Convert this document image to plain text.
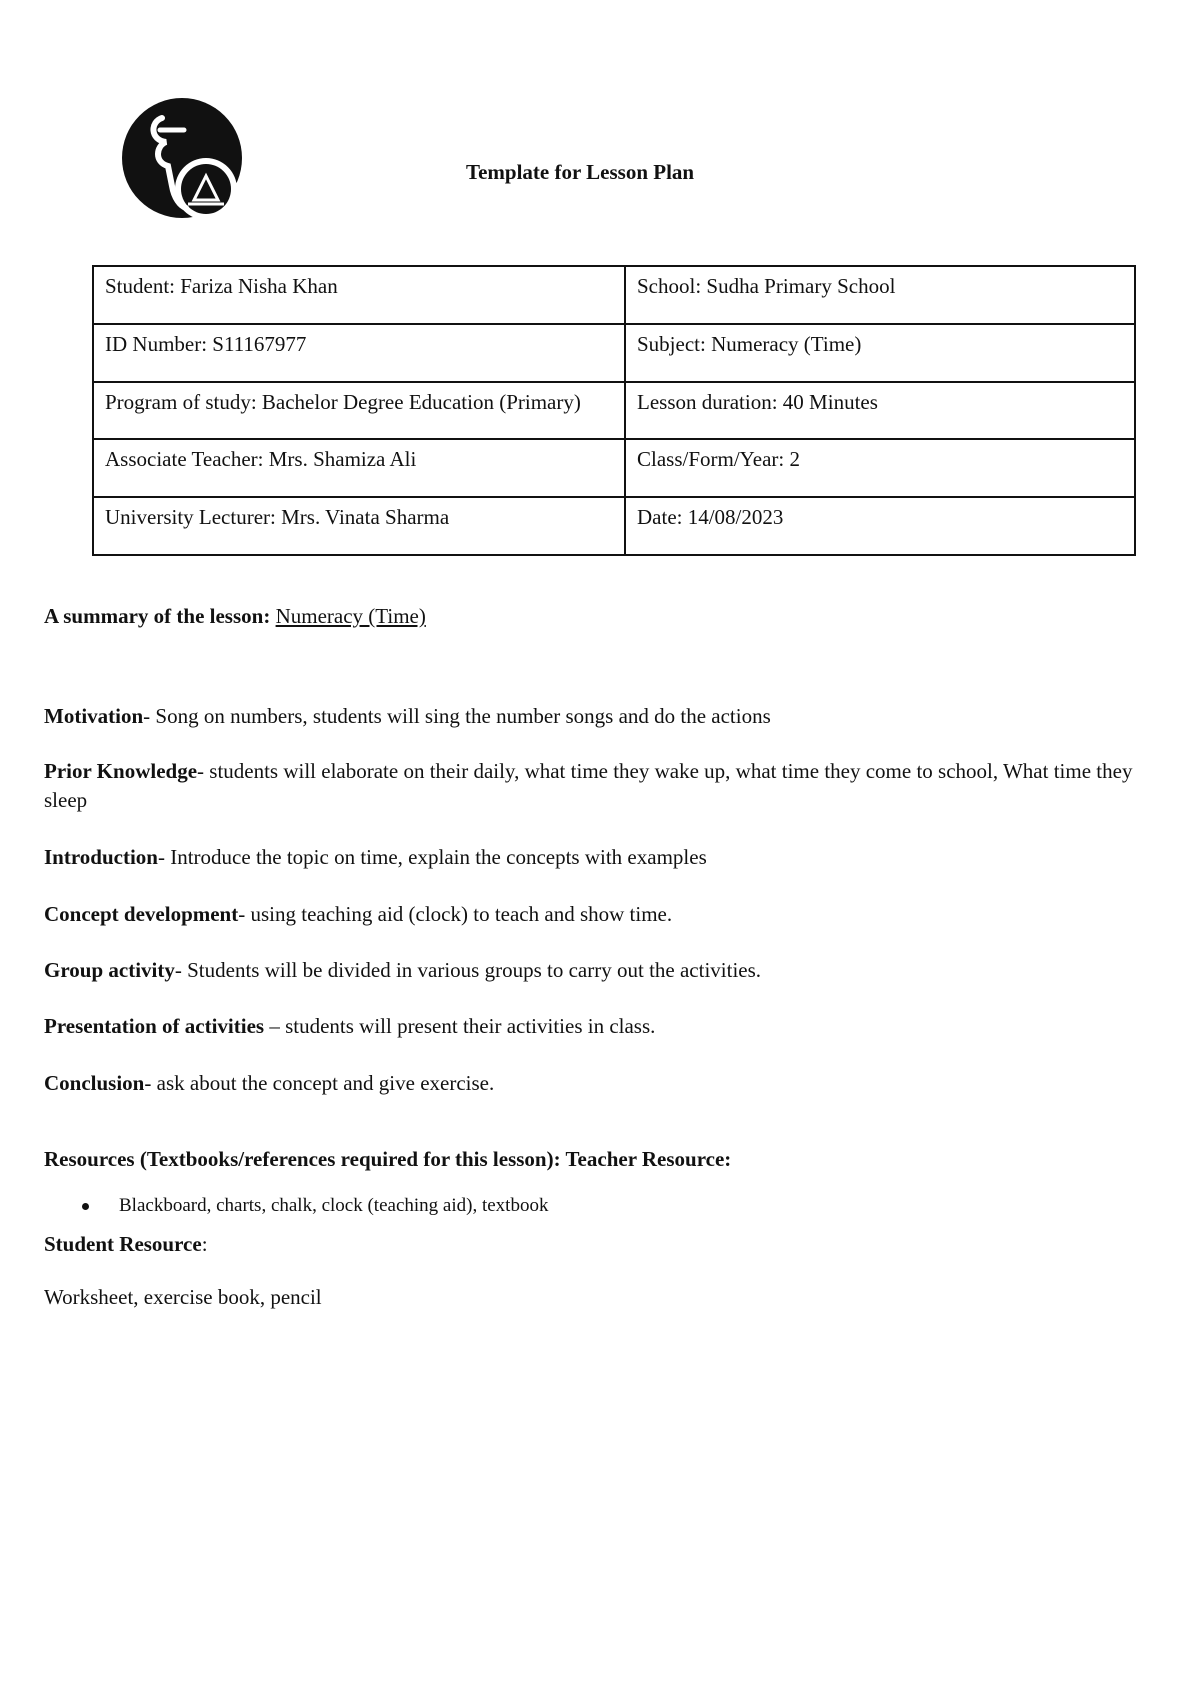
Template for Lesson Plan
Student: Fariza Nisha Khan	School: Sudha Primary School
ID Number: S11167977	Subject: Numeracy (Time)
Program of study: Bachelor Degree Education (Primary)	Lesson duration: 40 Minutes
Associate Teacher: Mrs. Shamiza Ali	Class/Form/Year: 2
University Lecturer: Mrs. Vinata Sharma	Date: 14/08/2023

A summary of the lesson: Numeracy (Time)

Motivation- Song on numbers, students will sing the number songs and do the actions

Prior Knowledge- students will elaborate on their daily, what time they wake up, what time they come to school, What time they sleep

Introduction- Introduce the topic on time, explain the concepts with examples

Concept development- using teaching aid (clock) to teach and show time.

Group activity- Students will be divided in various groups to carry out the activities.

Presentation of activities – students will present their activities in class.

Conclusion- ask about the concept and give exercise.

Resources (Textbooks/references required for this lesson): Teacher Resource:

Blackboard, charts, chalk, clock (teaching aid), textbook

Student Resource:

Worksheet, exercise book, pencil
